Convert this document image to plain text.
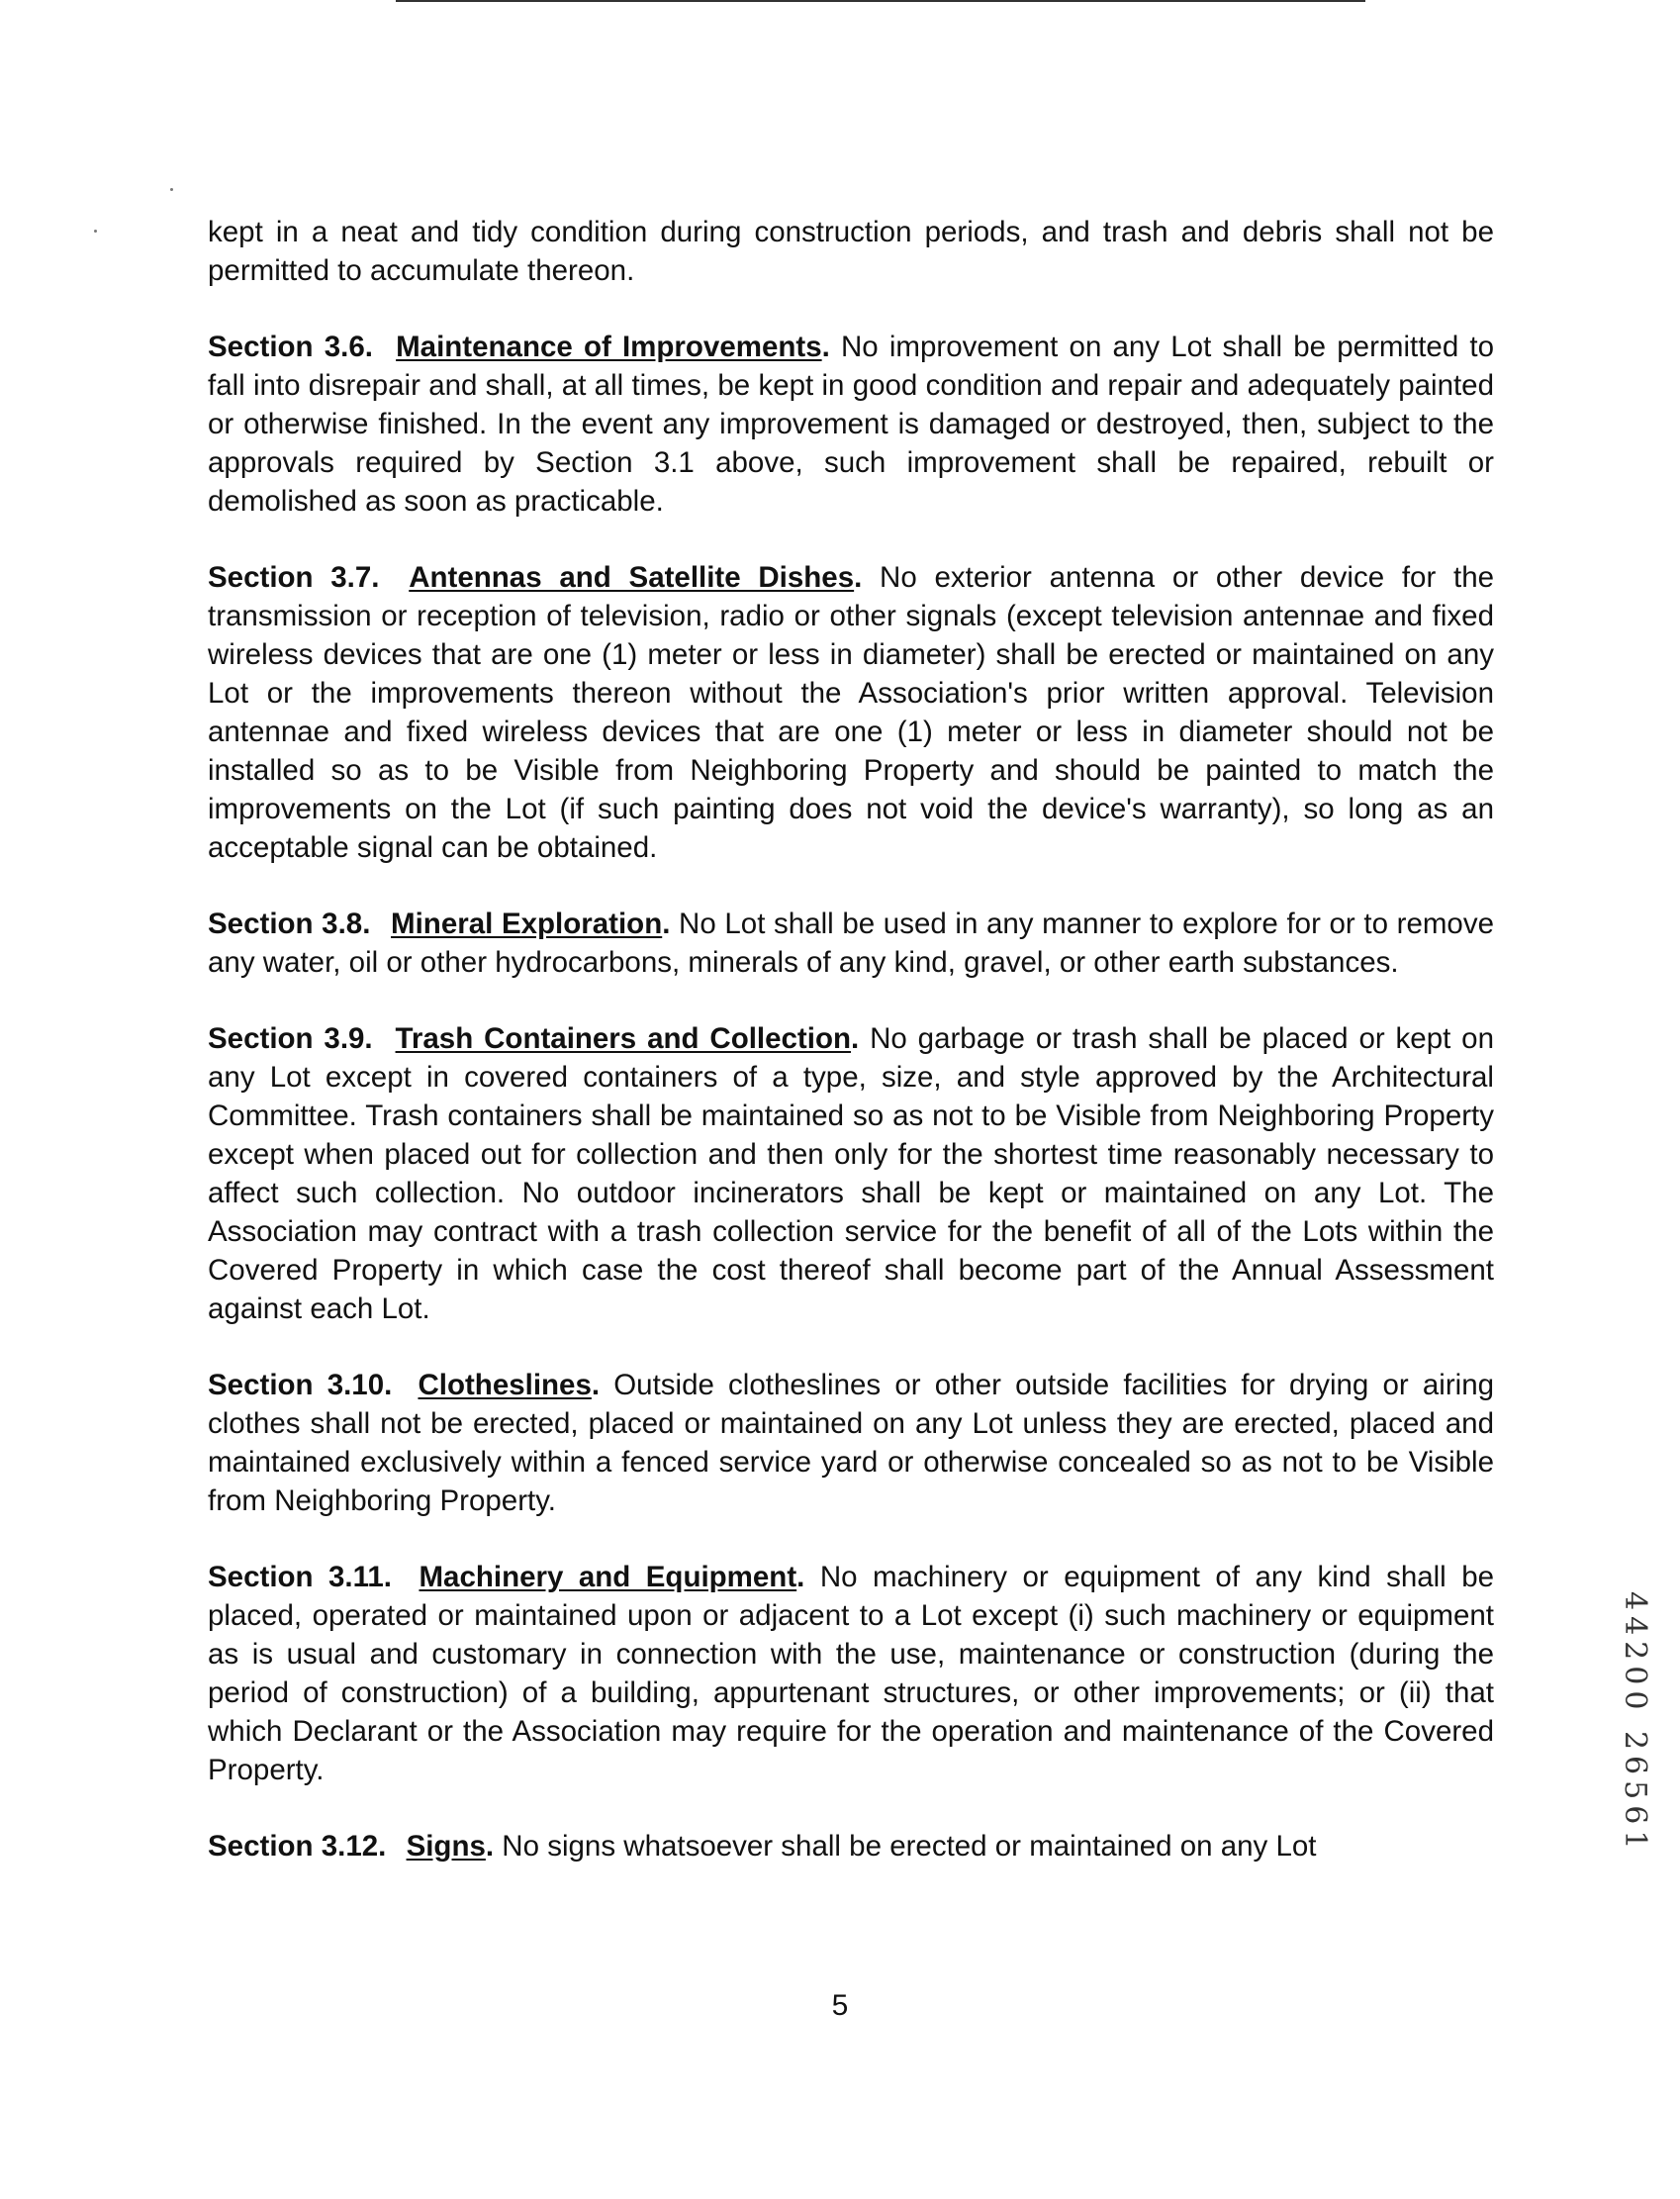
kept in a neat and tidy condition during construction periods, and trash and debris shall not be permitted to accumulate thereon.

Section 3.6. Maintenance of Improvements. No improvement on any Lot shall be permitted to fall into disrepair and shall, at all times, be kept in good condition and repair and adequately painted or otherwise finished. In the event any improvement is damaged or destroyed, then, subject to the approvals required by Section 3.1 above, such improvement shall be repaired, rebuilt or demolished as soon as practicable.

Section 3.7. Antennas and Satellite Dishes. No exterior antenna or other device for the transmission or reception of television, radio or other signals (except television antennae and fixed wireless devices that are one (1) meter or less in diameter) shall be erected or maintained on any Lot or the improvements thereon without the Association's prior written approval. Television antennae and fixed wireless devices that are one (1) meter or less in diameter should not be installed so as to be Visible from Neighboring Property and should be painted to match the improvements on the Lot (if such painting does not void the device's warranty), so long as an acceptable signal can be obtained.

Section 3.8. Mineral Exploration. No Lot shall be used in any manner to explore for or to remove any water, oil or other hydrocarbons, minerals of any kind, gravel, or other earth substances.

Section 3.9. Trash Containers and Collection. No garbage or trash shall be placed or kept on any Lot except in covered containers of a type, size, and style approved by the Architectural Committee. Trash containers shall be maintained so as not to be Visible from Neighboring Property except when placed out for collection and then only for the shortest time reasonably necessary to affect such collection. No outdoor incinerators shall be kept or maintained on any Lot. The Association may contract with a trash collection service for the benefit of all of the Lots within the Covered Property in which case the cost thereof shall become part of the Annual Assessment against each Lot.

Section 3.10. Clotheslines. Outside clotheslines or other outside facilities for drying or airing clothes shall not be erected, placed or maintained on any Lot unless they are erected, placed and maintained exclusively within a fenced service yard or otherwise concealed so as not to be Visible from Neighboring Property.

Section 3.11. Machinery and Equipment. No machinery or equipment of any kind shall be placed, operated or maintained upon or adjacent to a Lot except (i) such machinery or equipment as is usual and customary in connection with the use, maintenance or construction (during the period of construction) of a building, appurtenant structures, or other improvements; or (ii) that which Declarant or the Association may require for the operation and maintenance of the Covered Property.

Section 3.12. Signs. No signs whatsoever shall be erected or maintained on any Lot

5
44200 26561
